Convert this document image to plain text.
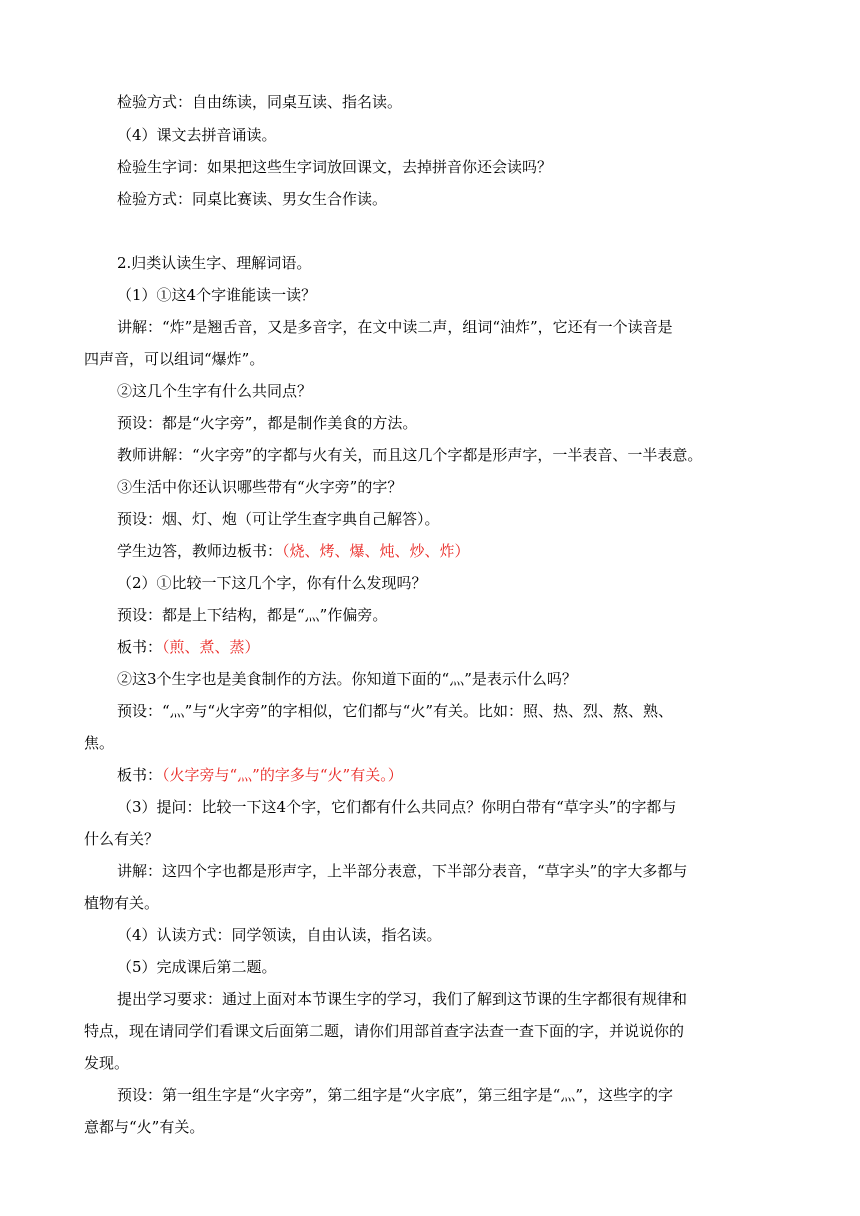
检验方式：自由练读，同桌互读、指名读。
（4）课文去拼音诵读。
检验生字词：如果把这些生字词放回课文，去掉拼音你还会读吗？
检验方式：同桌比赛读、男女生合作读。
2.归类认读生字、理解词语。
（1）①这4个字谁能读一读？
讲解：“炸”是翘舌音，又是多音字，在文中读二声，组词“油炸”，它还有一个读音是
四声音，可以组词“爆炸”。
②这几个生字有什么共同点？
预设：都是“火字旁”，都是制作美食的方法。
教师讲解：“火字旁”的字都与火有关，而且这几个字都是形声字，一半表音、一半表意。
③生活中你还认识哪些带有“火字旁”的字？
预设：烟、灯、炮（可让学生查字典自己解答）。
学生边答，教师边板书：（烧、烤、爆、炖、炒、炸）
（2）①比较一下这几个字，你有什么发现吗？
预设：都是上下结构，都是“灬”作偏旁。
板书：（煎、煮、蒸）
②这3个生字也是美食制作的方法。你知道下面的“灬”是表示什么吗？
预设：“灬”与“火字旁”的字相似，它们都与“火”有关。比如：照、热、烈、熬、熟、
焦。
板书：（火字旁与“灬”的字多与“火”有关。）
（3）提问：比较一下这4个字，它们都有什么共同点？你明白带有“草字头”的字都与
什么有关？
讲解：这四个字也都是形声字，上半部分表意，下半部分表音，“草字头”的字大多都与
植物有关。
（4）认读方式：同学领读，自由认读，指名读。
（5）完成课后第二题。
提出学习要求：通过上面对本节课生字的学习，我们了解到这节课的生字都很有规律和
特点，现在请同学们看课文后面第二题，请你们用部首查字法查一查下面的字，并说说你的
发现。
预设：第一组生字是“火字旁”，第二组字是“火字底”，第三组字是“灬”，这些字的字
意都与“火”有关。
